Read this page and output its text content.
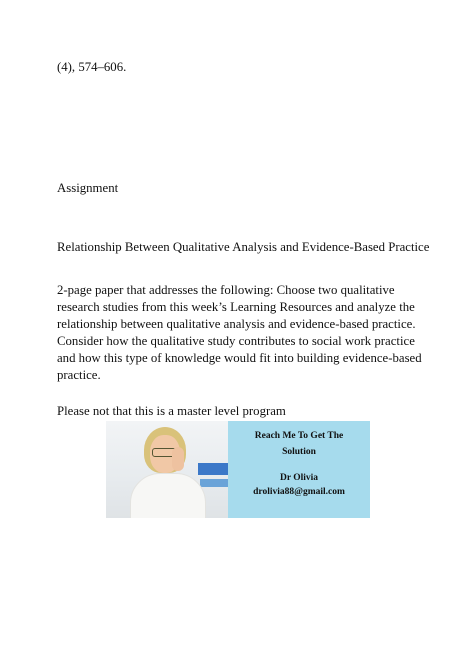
(4), 574–606.
Assignment
Relationship Between Qualitative Analysis and Evidence-Based Practice
2-page paper that addresses the following: Choose two qualitative research studies from this week’s Learning Resources and analyze the relationship between qualitative analysis and evidence-based practice. Consider how the qualitative study contributes to social work practice and how this type of knowledge would fit into building evidence-based practice.
Please not that this is a master level program
Reach Me To Get The
Solution
Dr Olivia
drolivia88@gmail.com
